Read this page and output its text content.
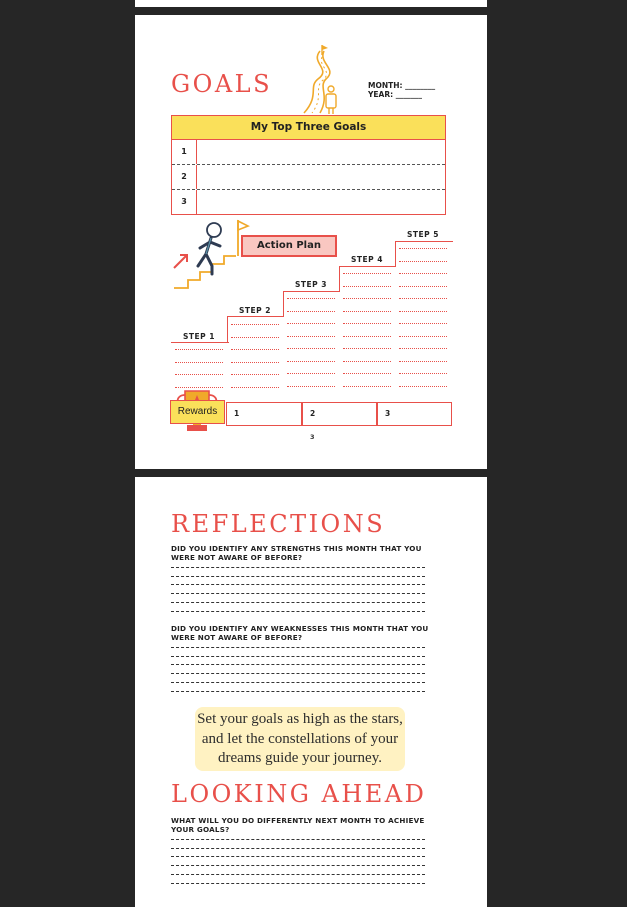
GOALS	MONTH: ________
YEAR: _______
My Top Three Goals
1
2
3
Action Plan
STEP 1
STEP 2
STEP 3
STEP 4
STEP 5
Rewards	1	2	3
3
REFLECTIONS
DID YOU IDENTIFY ANY STRENGTHS THIS MONTH THAT YOU WERE NOT AWARE OF BEFORE?
DID YOU IDENTIFY ANY WEAKNESSES THIS MONTH THAT YOU WERE NOT AWARE OF BEFORE?
Set your goals as high as the stars, and let the constellations of your dreams guide your journey.
LOOKING AHEAD
WHAT WILL YOU DO DIFFERENTLY NEXT MONTH TO ACHIEVE YOUR GOALS?
